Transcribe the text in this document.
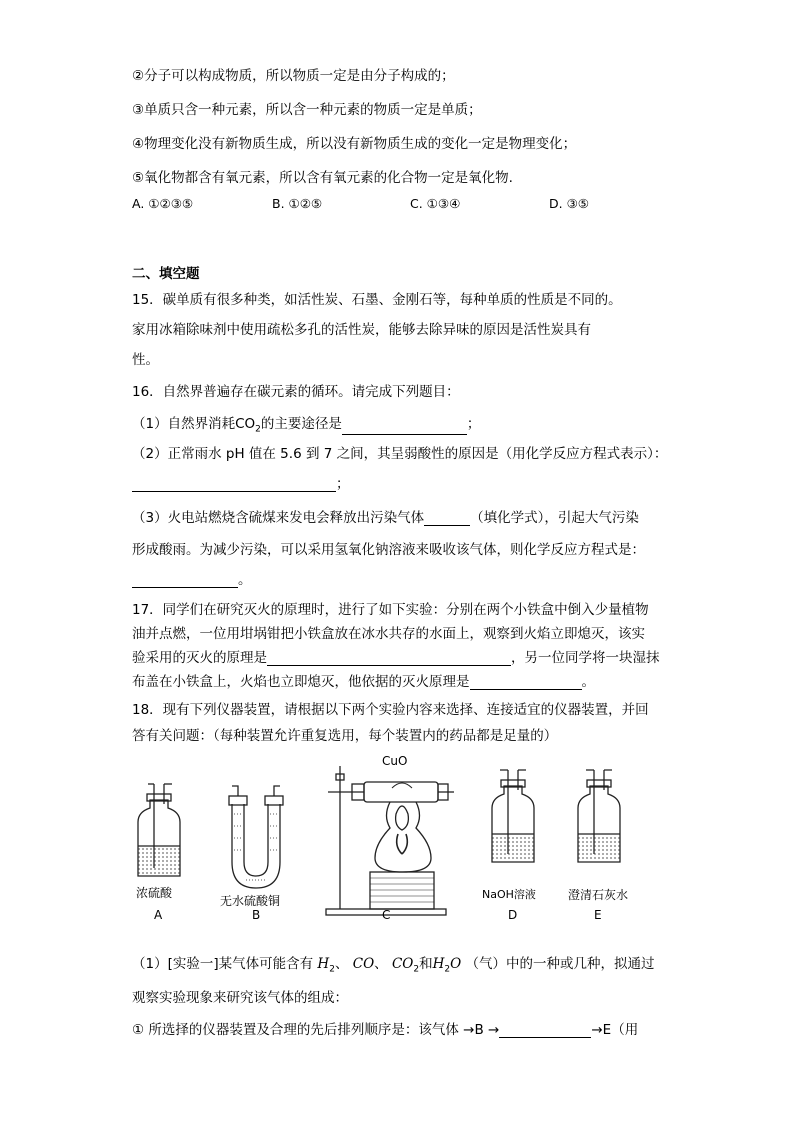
②分子可以构成物质，所以物质一定是由分子构成的；
③单质只含一种元素，所以含一种元素的物质一定是单质；
④物理变化没有新物质生成，所以没有新物质生成的变化一定是物理变化；
⑤氧化物都含有氧元素，所以含有氧元素的化合物一定是氧化物.
A. ①②③⑤	B. ①②⑤	C. ①③④	D. ③⑤
二、填空题
15．碳单质有很多种类，如活性炭、石墨、金刚石等，每种单质的性质是不同的。
家用冰箱除味剂中使用疏松多孔的活性炭，能够去除异味的原因是活性炭具有
性。
16．自然界普遍存在碳元素的循环。请完成下列题目：
（1）自然界消耗$CO_2$的主要途径是	；
（2）正常雨水 pH 值在 5.6 到 7 之间，其呈弱酸性的原因是（用化学反应方程式表示）：
；
（3）火电站燃烧含硫煤来发电会释放出污染气体	（填化学式），引起大气污染
形成酸雨。为减少污染，可以采用氢氧化钠溶液来吸收该气体，则化学反应方程式是：
。
17．同学们在研究灭火的原理时，进行了如下实验：分别在两个小铁盒中倒入少量植物
油并点燃，一位用坩埚钳把小铁盒放在冰水共存的水面上，观察到火焰立即熄灭，该实
验采用的灭火的原理是	，另一位同学将一块湿抹
布盖在小铁盒上，火焰也立即熄灭，他依据的灭火原理是	。
18．现有下列仪器装置，请根据以下两个实验内容来选择、连接适宜的仪器装置，并回
答有关问题：（每种装置允许重复选用，每个装置内的药品都是足量的）
CuO
浓硫酸
无水硫酸铜	NaOH溶液	澄清石灰水
A	B	C	D	E
（1）[实验一]某气体可能含有 $H_2$、 CO、 $CO_2$和$H_2O$ （气）中的一种或几种，拟通过
观察实验现象来研究该气体的组成：
① 所选择的仪器装置及合理的先后排列顺序是：该气体 →B →	→E（用
